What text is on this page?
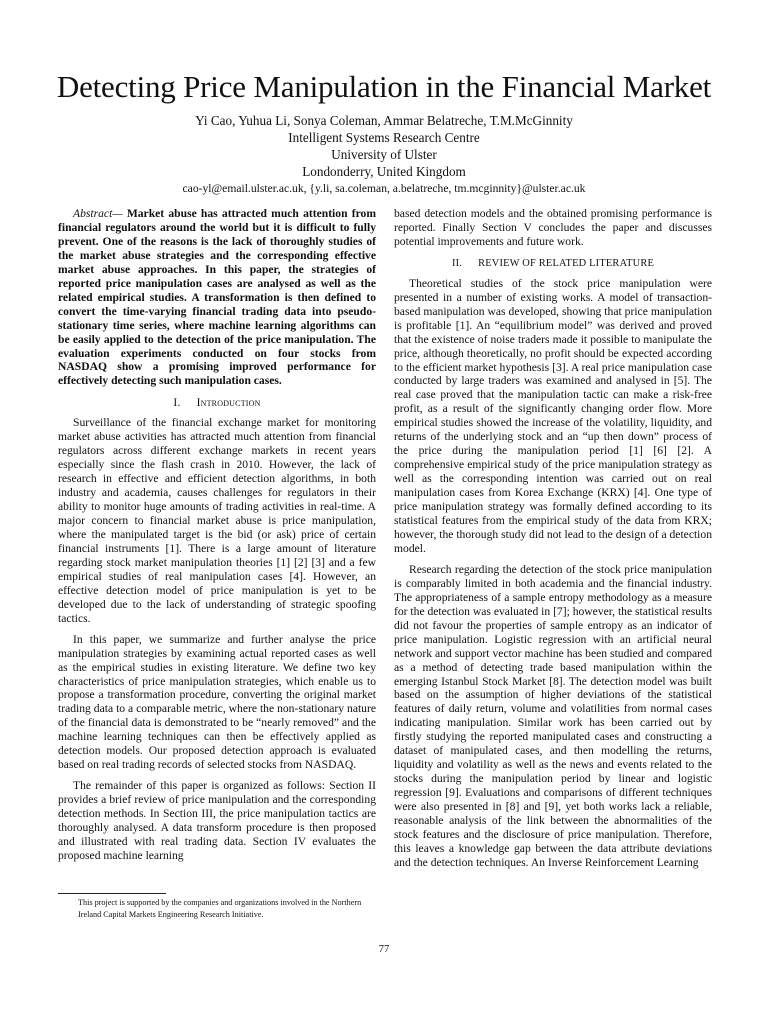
Detecting Price Manipulation in the Financial Market
Yi Cao, Yuhua Li, Sonya Coleman, Ammar Belatreche, T.M.McGinnity
Intelligent Systems Research Centre
University of Ulster
Londonderry, United Kingdom
cao-yl@email.ulster.ac.uk, {y.li, sa.coleman, a.belatreche, tm.mcginnity}@ulster.ac.uk

Abstract— Market abuse has attracted much attention from financial regulators around the world but it is difficult to fully prevent. One of the reasons is the lack of thoroughly studies of the market abuse strategies and the corresponding effective market abuse approaches. In this paper, the strategies of reported price manipulation cases are analysed as well as the related empirical studies. A transformation is then defined to convert the time-varying financial trading data into pseudo-stationary time series, where machine learning algorithms can be easily applied to the detection of the price manipulation. The evaluation experiments conducted on four stocks from NASDAQ show a promising improved performance for effectively detecting such manipulation cases.

I. Introduction

Surveillance of the financial exchange market for monitoring market abuse activities has attracted much attention from financial regulators across different exchange markets in recent years especially since the flash crash in 2010. However, the lack of research in effective and efficient detection algorithms, in both industry and academia, causes challenges for regulators in their ability to monitor huge amounts of trading activities in real-time. A major concern to financial market abuse is price manipulation, where the manipulated target is the bid (or ask) price of certain financial instruments [1]. There is a large amount of literature regarding stock market manipulation theories [1] [2] [3] and a few empirical studies of real manipulation cases [4]. However, an effective detection model of price manipulation is yet to be developed due to the lack of understanding of strategic spoofing tactics.

In this paper, we summarize and further analyse the price manipulation strategies by examining actual reported cases as well as the empirical studies in existing literature. We define two key characteristics of price manipulation strategies, which enable us to propose a transformation procedure, converting the original market trading data to a comparable metric, where the non-stationary nature of the financial data is demonstrated to be “nearly removed” and the machine learning techniques can then be effectively applied as detection models. Our proposed detection approach is evaluated based on real trading records of selected stocks from NASDAQ.

The remainder of this paper is organized as follows: Section II provides a brief review of price manipulation and the corresponding detection methods. In Section III, the price manipulation tactics are thoroughly analysed. A data transform procedure is then proposed and illustrated with real trading data. Section IV evaluates the proposed machine learning

based detection models and the obtained promising performance is reported. Finally Section V concludes the paper and discusses potential improvements and future work.

II. REVIEW OF RELATED LITERATURE

Theoretical studies of the stock price manipulation were presented in a number of existing works. A model of transaction-based manipulation was developed, showing that price manipulation is profitable [1]. An “equilibrium model” was derived and proved that the existence of noise traders made it possible to manipulate the price, although theoretically, no profit should be expected according to the efficient market hypothesis [3]. A real price manipulation case conducted by large traders was examined and analysed in [5]. The real case proved that the manipulation tactic can make a risk-free profit, as a result of the significantly changing order flow. More empirical studies showed the increase of the volatility, liquidity, and returns of the underlying stock and an “up then down” process of the price during the manipulation period [1] [6] [2]. A comprehensive empirical study of the price manipulation strategy as well as the corresponding intention was carried out on real manipulation cases from Korea Exchange (KRX) [4]. One type of price manipulation strategy was formally defined according to its statistical features from the empirical study of the data from KRX; however, the thorough study did not lead to the design of a detection model.

Research regarding the detection of the stock price manipulation is comparably limited in both academia and the financial industry. The appropriateness of a sample entropy methodology as a measure for the detection was evaluated in [7]; however, the statistical results did not favour the properties of sample entropy as an indicator of price manipulation. Logistic regression with an artificial neural network and support vector machine has been studied and compared as a method of detecting trade based manipulation within the emerging Istanbul Stock Market [8]. The detection model was built based on the assumption of higher deviations of the statistical features of daily return, volume and volatilities from normal cases indicating manipulation. Similar work has been carried out by firstly studying the reported manipulated cases and constructing a dataset of manipulated cases, and then modelling the returns, liquidity and volatility as well as the news and events related to the stocks during the manipulation period by linear and logistic regression [9]. Evaluations and comparisons of different techniques were also presented in [8] and [9], yet both works lack a reliable, reasonable analysis of the link between the abnormalities of the stock features and the disclosure of price manipulation. Therefore, this leaves a knowledge gap between the data attribute deviations and the detection techniques. An Inverse Reinforcement Learning

This project is supported by the companies and organizations involved in the Northern Ireland Capital Markets Engineering Research Initiative.
77
